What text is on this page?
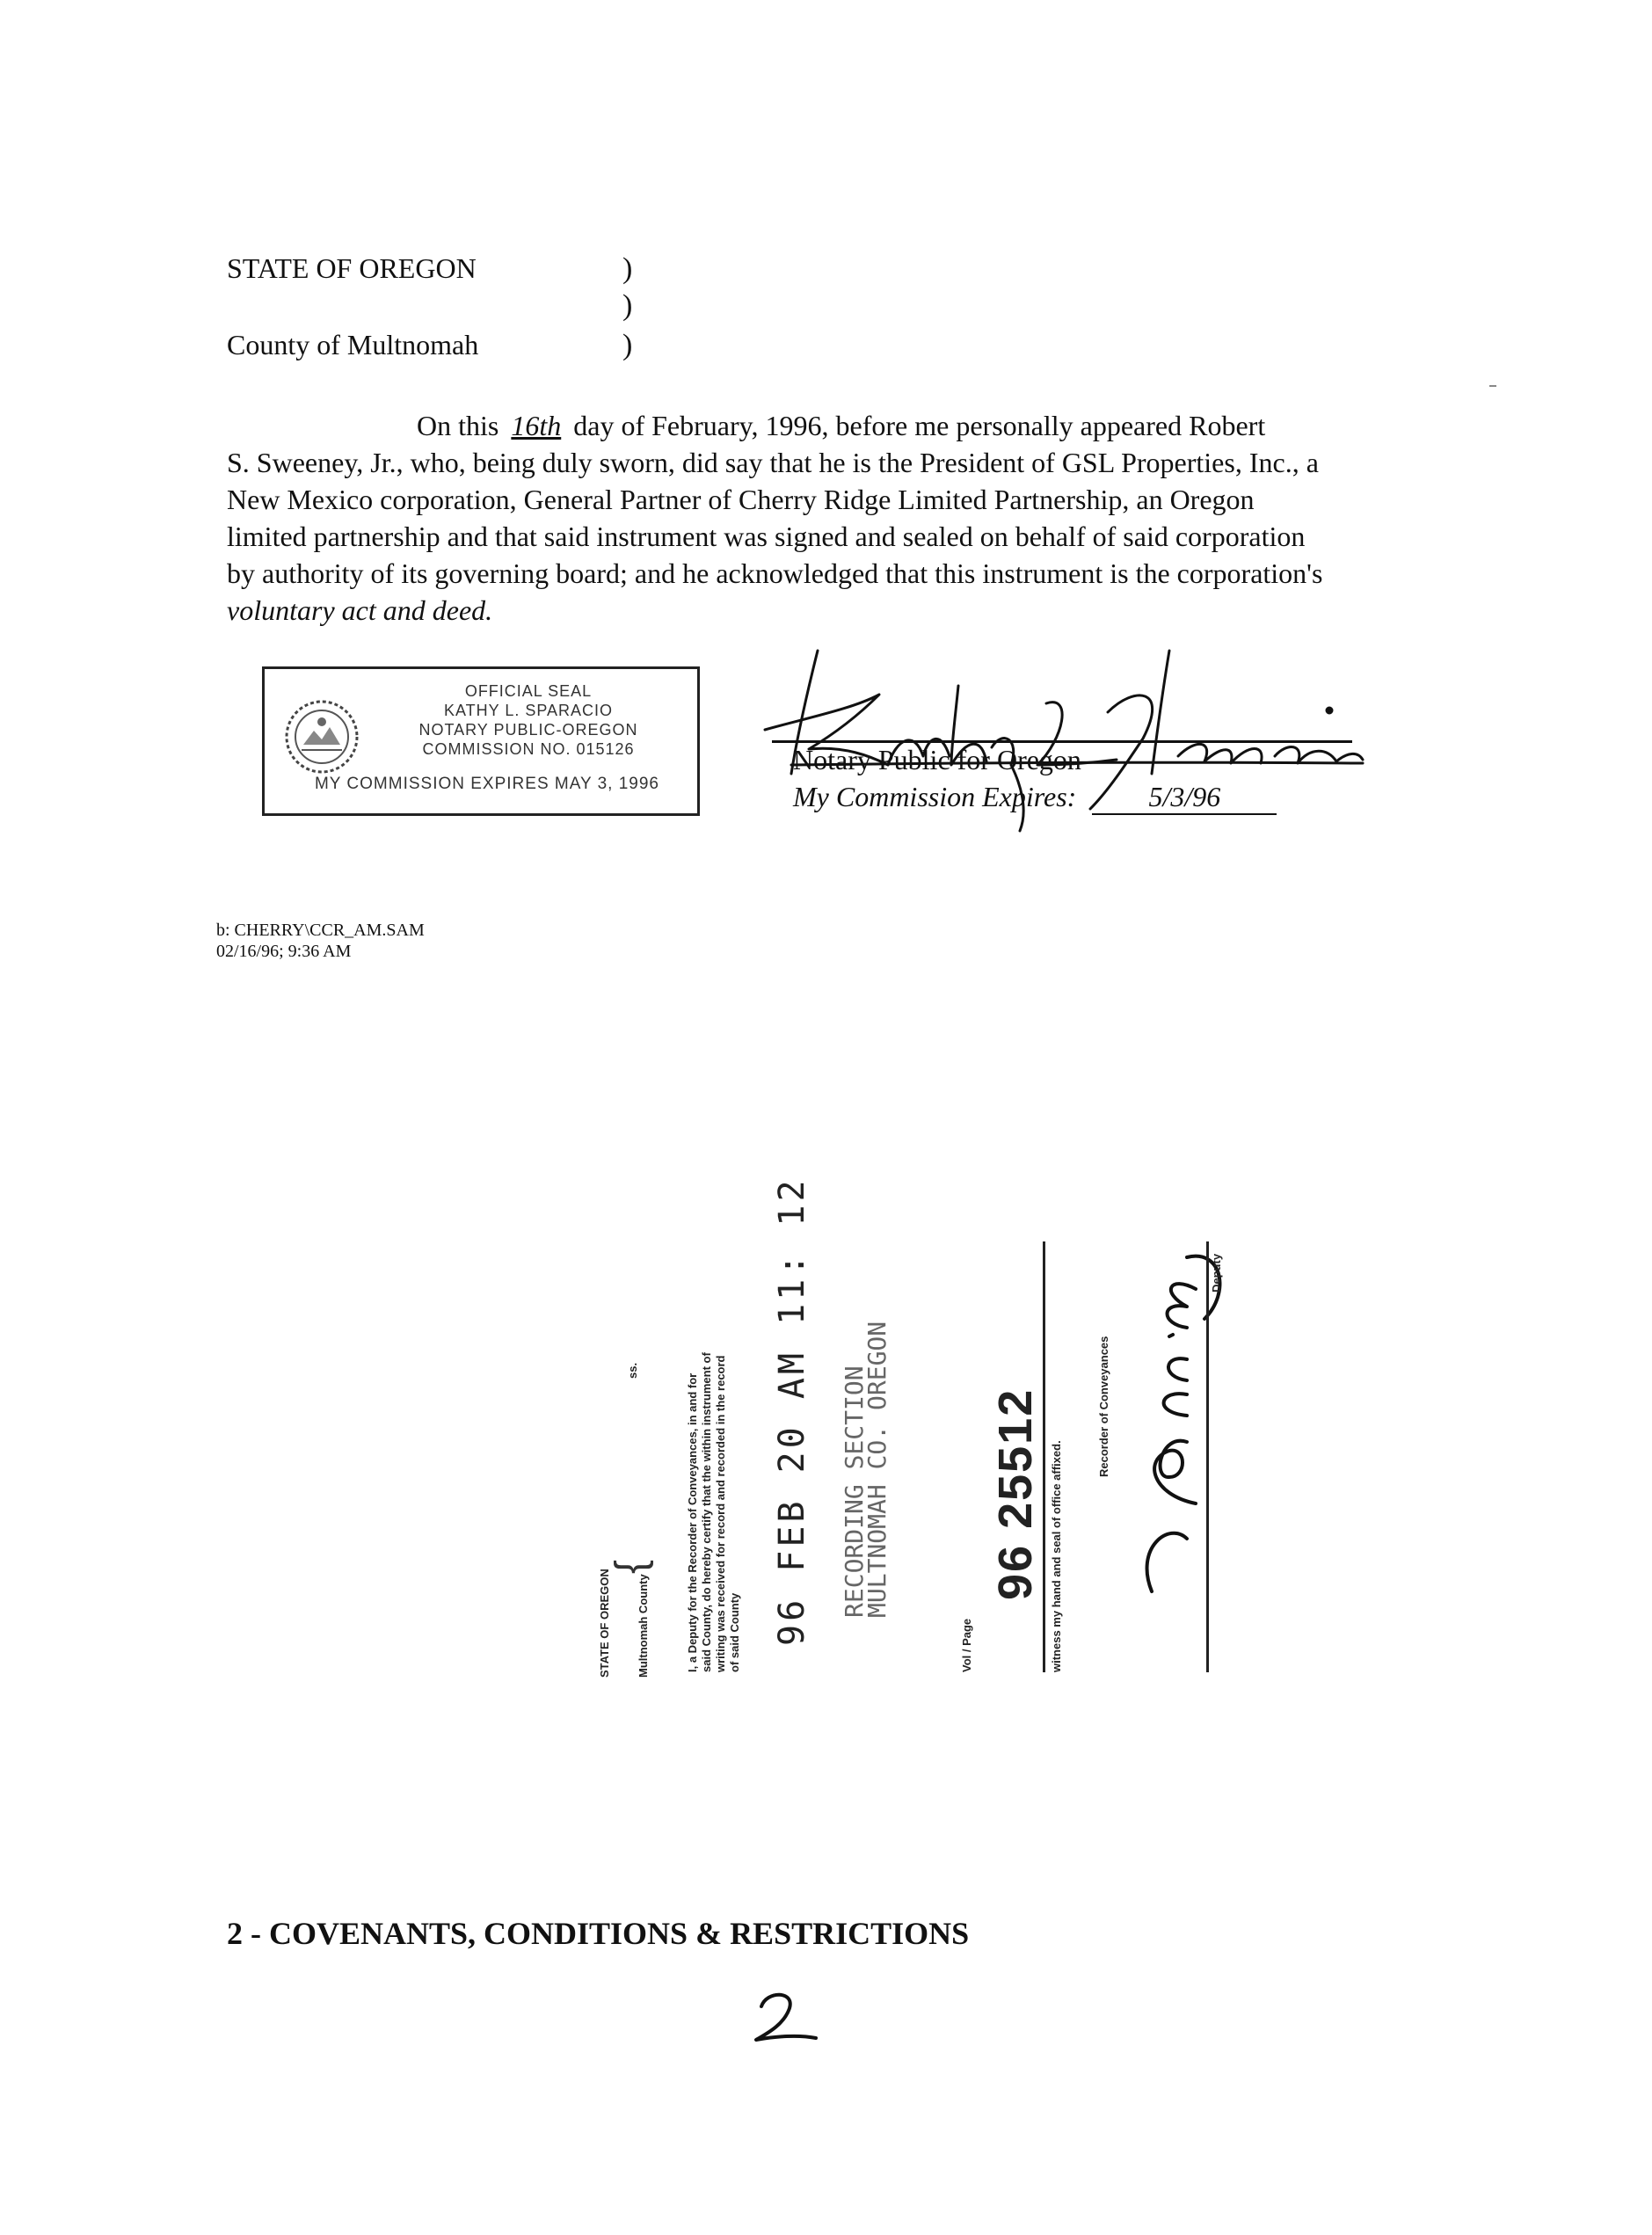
STATE OF OREGON
County of Multnomah
)
)
)
On this 16th day of February, 1996, before me personally appeared Robert
S. Sweeney, Jr., who, being duly sworn, did say that he is the President of GSL Properties, Inc., a
New Mexico corporation, General Partner of Cherry Ridge Limited Partnership, an Oregon
limited partnership and that said instrument was signed and sealed on behalf of said corporation
by authority of its governing board; and he acknowledged that this instrument is the corporation's
voluntary act and deed.
OFFICIAL SEAL
KATHY L. SPARACIO
NOTARY PUBLIC-OREGON
COMMISSION NO. 015126
MY COMMISSION EXPIRES MAY 3, 1996
Notary Public for Oregon
My Commission Expires:	5/3/96
b: CHERRY\CCR_AM.SAM
02/16/96; 9:36 AM
STATE OF OREGON Multnomah County
{
ss.
I, a Deputy for the Recorder of Conveyances, in and for said County, do hereby certify that the within instrument of writing was received for record and recorded in the record of said County 96 FEB 20 AM 11: 12 RECORDING SECTION
MULTNOMAH CO. OREGON
Vol / Page
96 25512 witness my hand and seal of office affixed.
Recorder of Conveyances
Deputy
2 - COVENANTS, CONDITIONS & RESTRICTIONS
